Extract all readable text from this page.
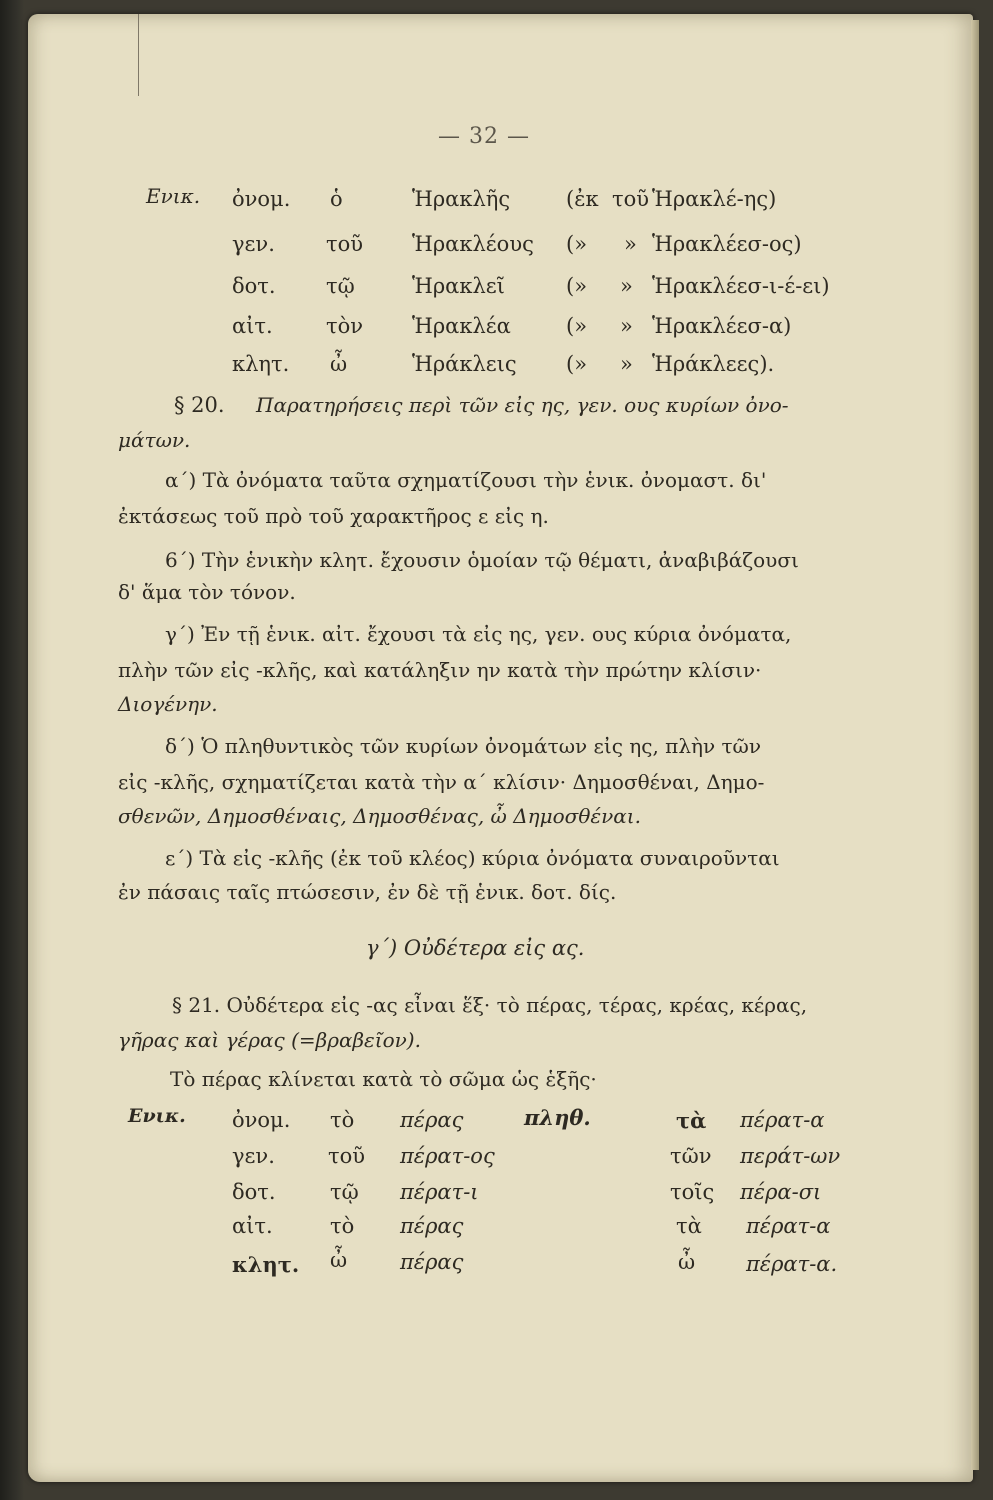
— 32 —
Ενικ. ὀνομ. ὁ	Ἡρακλῆς	(ἐκ τοῦ Ἡρακλέ-ης)
γεν. τοῦ Ἡρακλέους (» » Ἡρακλέεσ-ος)
δοτ. τῷ	Ἡρακλεῖ	(» » Ἡρακλέεσ-ι-έ-ει)
αἰτ.	τὸν Ἡρακλέα	(» » Ἡρακλέεσ-α)
κλητ. ὦ	Ἡράκλεις (» » Ἡράκλεες).
§ 20. Παρατηρήσεις περὶ τῶν εἰς ης, γεν. ους κυρίων ὀνο-
μάτων.
α΄) Τὰ ὀνόματα ταῦτα σχηματίζουσι τὴν ἑνικ. ὀνομαστ. δι'
ἐκτάσεως τοῦ πρὸ τοῦ χαρακτῆρος ε εἰς η.
6΄) Τὴν ἑνικὴν κλητ. ἔχουσιν ὁμοίαν τῷ θέματι, ἀναβιβάζουσι
δ' ἅμα τὸν τόνον.
γ΄) Ἐν τῇ ἑνικ. αἰτ. ἔχουσι τὰ εἰς ης, γεν. ους κύρια ὀνόματα,
πλὴν τῶν εἰς -κλῆς, καὶ κατάληξιν ην κατὰ τὴν πρώτην κλίσιν·
Διογένην.
δ΄) Ὁ πληθυντικὸς τῶν κυρίων ὀνομάτων εἰς ης, πλὴν τῶν
εἰς -κλῆς, σχηματίζεται κατὰ τὴν α΄ κλίσιν· Δημοσθέναι, Δημο-
σθενῶν, Δημοσθέναις, Δημοσθένας, ὦ Δημοσθέναι.
ε΄) Τὰ εἰς -κλῆς (ἐκ τοῦ κλέος) κύρια ὀνόματα συναιροῦνται
ἐν πάσαις ταῖς πτώσεσιν, ἐν δὲ τῇ ἑνικ. δοτ. δίς.
γ΄) Οὐδέτερα εἰς ας.
§ 21. Οὐδέτερα εἰς -ας εἶναι ἕξ· τὸ πέρας, τέρας, κρέας, κέρας,
γῆρας καὶ γέρας (=βραβεῖον).
Τὸ πέρας κλίνεται κατὰ τὸ σῶμα ὡς ἑξῆς·
Ενικ. ὀνομ. τὸ πέρας	πληθ.	τὰ πέρατ-α
γεν.	τοῦ πέρατ-ος	τῶν περάτ-ων
δοτ.	τῷ πέρατ-ι	τοῖς πέρα-σι
αἰτ.	τὸ πέρας	τὰ πέρατ-α
κλητ. ὦ	πέρας	ὦ πέρατ-α.
